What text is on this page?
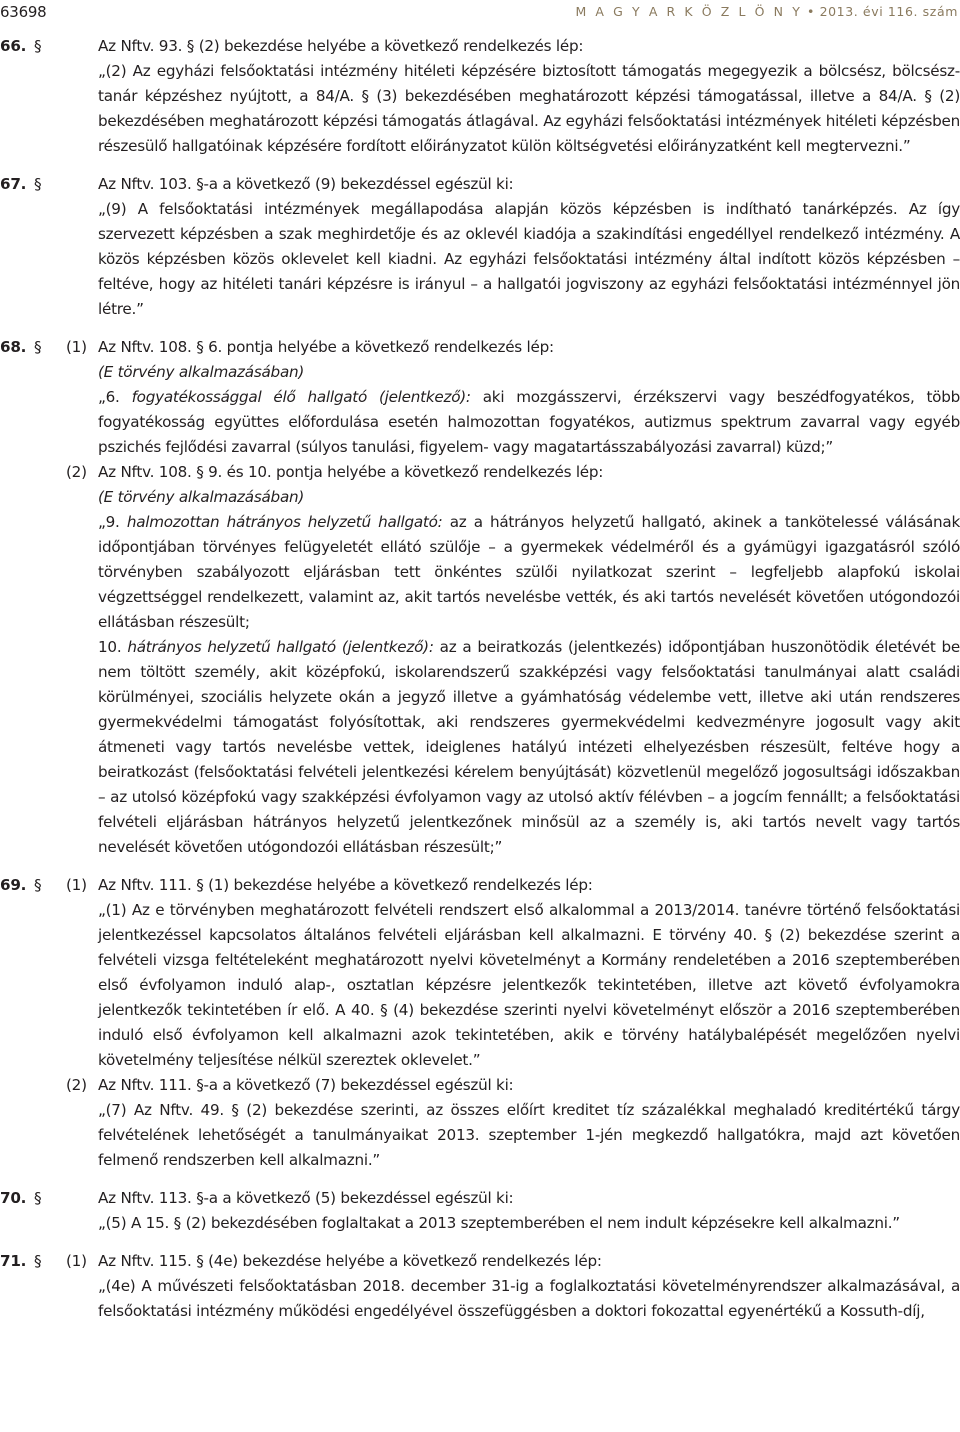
63698	M A G Y A R K Ö Z L Ö N Y • 2013. évi 116. szám
66. §	Az Nftv. 93. § (2) bekezdése helyébe a következő rendelkezés lép:

„(2) Az egyházi felsőoktatási intézmény hitéleti képzésére biztosított támogatás megegyezik a bölcsész, bölcsész-tanár képzéshez nyújtott, a 84/A. § (3) bekezdésében meghatározott képzési támogatással, illetve a 84/A. § (2) bekezdésében meghatározott képzési támogatás átlagával. Az egyházi felsőoktatási intézmények hitéleti képzésben részesülő hallgatóinak képzésére fordított előirányzatot külön költségvetési előirányzatként kell megtervezni.”

67. §	Az Nftv. 103. §-a a következő (9) bekezdéssel egészül ki:

„(9) A felsőoktatási intézmények megállapodása alapján közös képzésben is indítható tanárképzés. Az így szervezett képzésben a szak meghirdetője és az oklevél kiadója a szakindítási engedéllyel rendelkező intézmény. A közös képzésben közös oklevelet kell kiadni. Az egyházi felsőoktatási intézmény által indított közös képzésben – feltéve, hogy az hitéleti tanári képzésre is irányul – a hallgatói jogviszony az egyházi felsőoktatási intézménnyel jön létre.”

68. § (1) Az Nftv. 108. § 6. pontja helyébe a következő rendelkezés lép:

(E törvény alkalmazásában)

„6. fogyatékossággal élő hallgató (jelentkező): aki mozgásszervi, érzékszervi vagy beszédfogyatékos, több fogyatékosság együttes előfordulása esetén halmozottan fogyatékos, autizmus spektrum zavarral vagy egyéb pszichés fejlődési zavarral (súlyos tanulási, figyelem- vagy magatartásszabályozási zavarral) küzd;”

(2) Az Nftv. 108. § 9. és 10. pontja helyébe a következő rendelkezés lép:

(E törvény alkalmazásában)

„9. halmozottan hátrányos helyzetű hallgató: az a hátrányos helyzetű hallgató, akinek a tankötelessé válásának időpontjában törvényes felügyeletét ellátó szülője – a gyermekek védelméről és a gyámügyi igazgatásról szóló törvényben szabályozott eljárásban tett önkéntes szülői nyilatkozat szerint – legfeljebb alapfokú iskolai végzettséggel rendelkezett, valamint az, akit tartós nevelésbe vették, és aki tartós nevelését követően utógondozói ellátásban részesült;

10. hátrányos helyzetű hallgató (jelentkező): az a beiratkozás (jelentkezés) időpontjában huszonötödik életévét be nem töltött személy, akit középfokú, iskolarendszerű szakképzési vagy felsőoktatási tanulmányai alatt családi körülményei, szociális helyzete okán a jegyző illetve a gyámhatóság védelembe vett, illetve aki után rendszeres gyermekvédelmi támogatást folyósítottak, aki rendszeres gyermekvédelmi kedvezményre jogosult vagy akit átmeneti vagy tartós nevelésbe vettek, ideiglenes hatályú intézeti elhelyezésben részesült, feltéve hogy a beiratkozást (felsőoktatási felvételi jelentkezési kérelem benyújtását) közvetlenül megelőző jogosultsági időszakban – az utolsó középfokú vagy szakképzési évfolyamon vagy az utolsó aktív félévben – a jogcím fennállt; a felsőoktatási felvételi eljárásban hátrányos helyzetű jelentkezőnek minősül az a személy is, aki tartós nevelt vagy tartós nevelését követően utógondozói ellátásban részesült;”

69. § (1) Az Nftv. 111. § (1) bekezdése helyébe a következő rendelkezés lép:

„(1) Az e törvényben meghatározott felvételi rendszert első alkalommal a 2013/2014. tanévre történő felsőoktatási jelentkezéssel kapcsolatos általános felvételi eljárásban kell alkalmazni. E törvény 40. § (2) bekezdése szerint a felvételi vizsga feltételeként meghatározott nyelvi követelményt a Kormány rendeletében a 2016 szeptemberében első évfolyamon induló alap-, osztatlan képzésre jelentkezők tekintetében, illetve azt követő évfolyamokra jelentkezők tekintetében ír elő. A 40. § (4) bekezdése szerinti nyelvi követelményt először a 2016 szeptemberében induló első évfolyamon kell alkalmazni azok tekintetében, akik e törvény hatálybalépését megelőzően nyelvi követelmény teljesítése nélkül szereztek oklevelet.”

(2) Az Nftv. 111. §-a a következő (7) bekezdéssel egészül ki:

„(7) Az Nftv. 49. § (2) bekezdése szerinti, az összes előírt kreditet tíz százalékkal meghaladó kreditértékű tárgy felvételének lehetőségét a tanulmányaikat 2013. szeptember 1-jén megkezdő hallgatókra, majd azt követően felmenő rendszerben kell alkalmazni.”

70. §	Az Nftv. 113. §-a a következő (5) bekezdéssel egészül ki:

„(5) A 15. § (2) bekezdésében foglaltakat a 2013 szeptemberében el nem indult képzésekre kell alkalmazni.”

71. § (1) Az Nftv. 115. § (4e) bekezdése helyébe a következő rendelkezés lép:

„(4e) A művészeti felsőoktatásban 2018. december 31-ig a foglalkoztatási követelményrendszer alkalmazásával, a felsőoktatási intézmény működési engedélyével összefüggésben a doktori fokozattal egyenértékű a Kossuth-díj,
